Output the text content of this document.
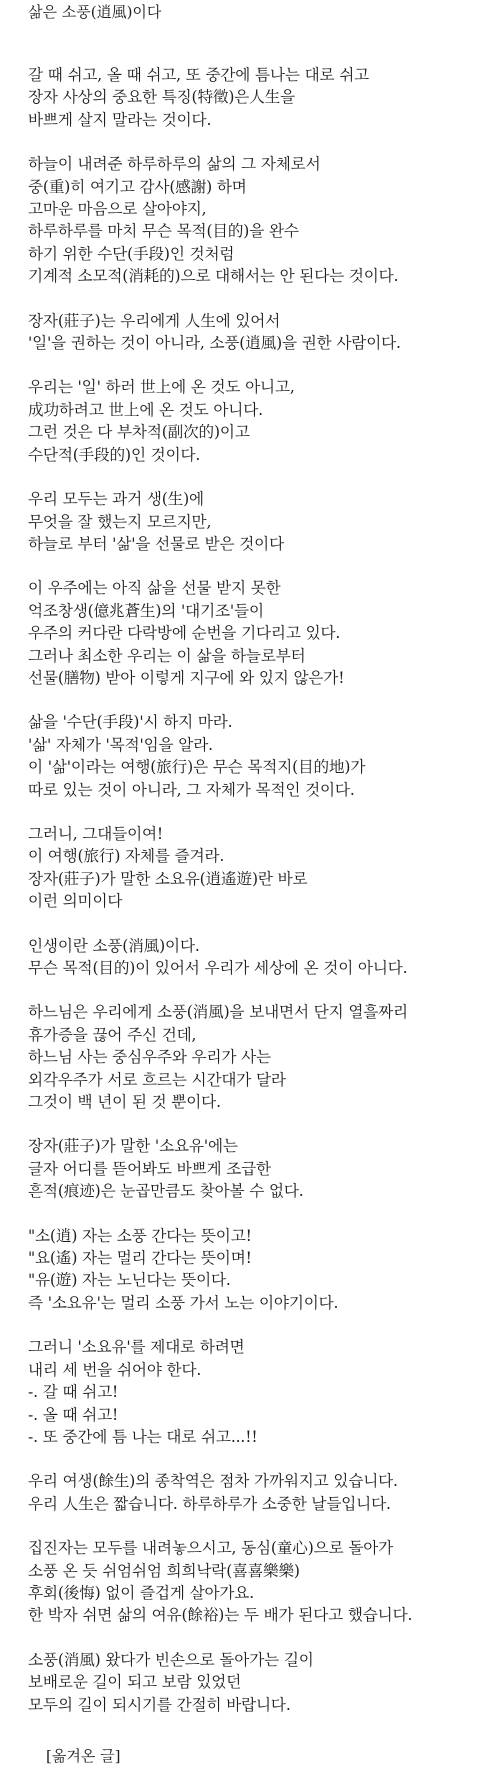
삶은 소풍(逍風)이다
갈 때 쉬고, 올 때 쉬고, 또 중간에 틈나는 대로 쉬고
장자 사상의 중요한 특징(特徵)은人生을
바쁘게 살지 말라는 것이다.
하늘이 내려준 하루하루의 삶의 그 자체로서
중(重)히 여기고 감사(感謝) 하며
고마운 마음으로 살아야지,
하루하루를 마치 무슨 목적(目的)을 완수
하기 위한 수단(手段)인 것처럼
기계적 소모적(消耗的)으로 대해서는 안 된다는 것이다.
장자(莊子)는 우리에게 人生에 있어서
'일'을 권하는 것이 아니라, 소풍(逍風)을 권한 사람이다.
우리는 '일' 하러 世上에 온 것도 아니고,
成功하려고 世上에 온 것도 아니다.
그런 것은 다 부차적(副次的)이고
수단적(手段的)인 것이다.
우리 모두는 과거 생(生)에
무엇을 잘 했는지 모르지만,
하늘로 부터 '삶'을 선물로 받은 것이다
이 우주에는 아직 삶을 선물 받지 못한
억조창생(億兆蒼生)의 '대기조'들이
우주의 커다란 다락방에 순번을 기다리고 있다.
그러나 최소한 우리는 이 삶을 하늘로부터
선물(膳物) 받아 이렇게 지구에 와 있지 않은가!
삶을 '수단(手段)'시 하지 마라.
'삶' 자체가 '목적'임을 알라.
이 '삶'이라는 여행(旅行)은 무슨 목적지(目的地)가
따로 있는 것이 아니라, 그 자체가 목적인 것이다.
그러니, 그대들이여!
이 여행(旅行) 자체를 즐겨라.
장자(莊子)가 말한 소요유(逍遙遊)란 바로
이런 의미이다
인생이란 소풍(消風)이다.
무슨 목적(目的)이 있어서 우리가 세상에 온 것이 아니다.
하느님은 우리에게 소풍(消風)을 보내면서 단지 열흘짜리
휴가증을 끊어 주신 건데,
하느님 사는 중심우주와 우리가 사는
외각우주가 서로 흐르는 시간대가 달라
그것이 백 년이 된 것 뿐이다.
장자(莊子)가 말한 '소요유'에는
글자 어디를 뜯어봐도 바쁘게 조급한
흔적(痕迹)은 눈곱만큼도 찾아볼 수 없다.
"소(逍) 자는 소풍 간다는 뜻이고!
"요(遙) 자는 멀리 간다는 뜻이며!
"유(遊) 자는 노닌다는 뜻이다.
즉 '소요유'는 멀리 소풍 가서 노는 이야기이다.
그러니 '소요유'를 제대로 하려면
내리 세 번을 쉬어야 한다.
-. 갈 때 쉬고!
-. 올 때 쉬고!
-. 또 중간에 틈 나는 대로 쉬고...!!
우리 여생(餘生)의 종착역은 점차 가까워지고 있습니다.
우리 人生은 짧습니다. 하루하루가 소중한 날들입니다.
집진자는 모두를 내려놓으시고, 동심(童心)으로 돌아가
소풍 온 듯 쉬엄쉬엄 희희낙락(喜喜樂樂)
후회(後悔) 없이 즐겁게 살아가요.
한 박자 쉬면 삶의 여유(餘裕)는 두 배가 된다고 했습니다.
소풍(消風) 왔다가 빈손으로 돌아가는 길이
보배로운 길이 되고 보람 있었던
모두의 길이 되시기를 간절히 바랍니다.
[옮겨온 글]
